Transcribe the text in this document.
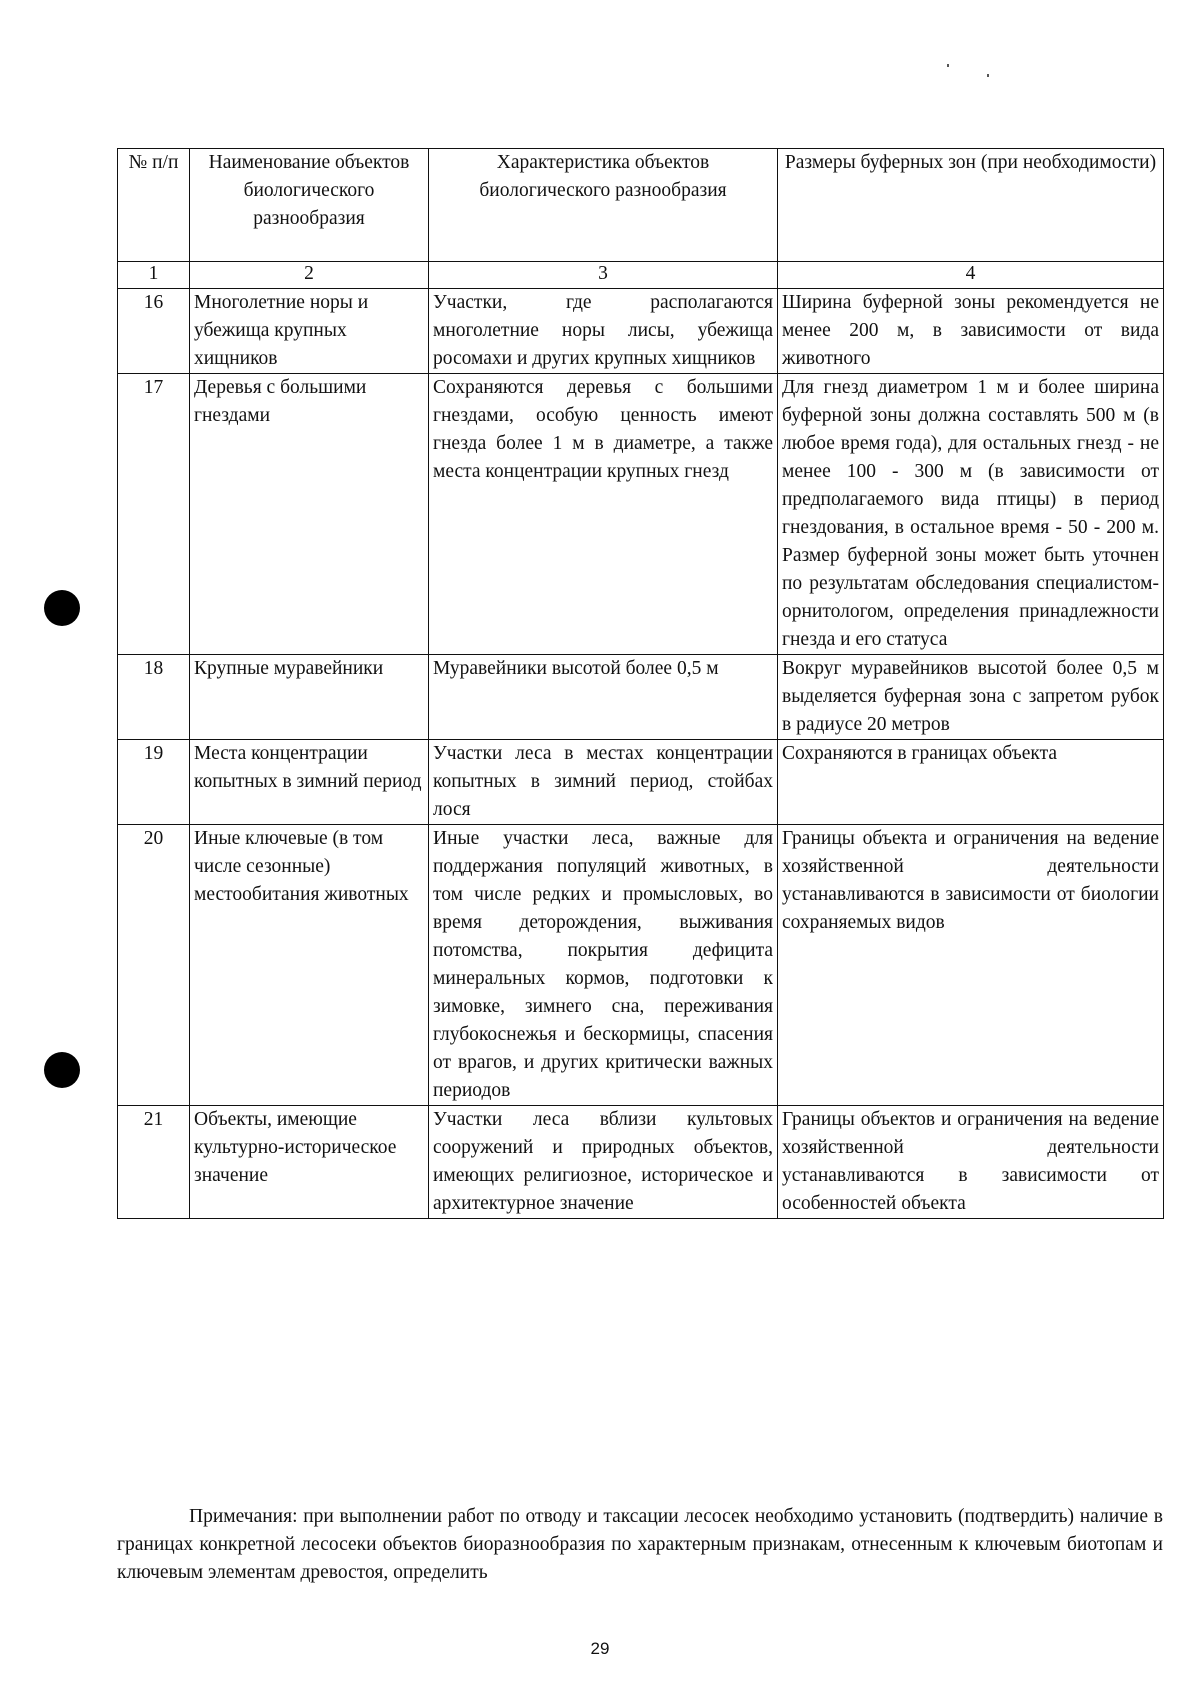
№ п/п	Наименование объектов биологического разнообразия	Характеристика объектов биологического разнообразия	Размеры буферных зон (при необходимости)
1	2	3	4
16	Многолетние норы и убежища крупных хищников	Участки, где располагаются многолетние норы лисы, убежища росомахи и других крупных хищников	Ширина буферной зоны рекомендуется не менее 200 м, в зависимости от вида животного
17	Деревья с большими гнездами	Сохраняются деревья с большими гнездами, особую ценность имеют гнезда более 1 м в диаметре, а также места концентрации крупных гнезд	Для гнезд диаметром 1 м и более ширина буферной зоны должна составлять 500 м (в любое время года), для остальных гнезд - не менее 100 - 300 м (в зависимости от предполагаемого вида птицы) в период гнездования, в остальное время - 50 - 200 м. Размер буферной зоны может быть уточнен по результатам обследования специалистом-орнитологом, определения принадлежности гнезда и его статуса
18	Крупные муравейники	Муравейники высотой более 0,5 м	Вокруг муравейников высотой более 0,5 м выделяется буферная зона с запретом рубок в радиусе 20 метров
19	Места концентрации копытных в зимний период	Участки леса в местах концентрации копытных в зимний период, стойбах лося	Сохраняются в границах объекта
20	Иные ключевые (в том числе сезонные) местообитания животных	Иные участки леса, важные для поддержания популяций животных, в том числе редких и промысловых, во время деторождения, выживания потомства, покрытия дефицита минеральных кормов, подготовки к зимовке, зимнего сна, переживания глубокоснежья и бескормицы, спасения от врагов, и других критически важных периодов	Границы объекта и ограничения на ведение хозяйственной деятельности устанавливаются в зависимости от биологии сохраняемых видов
21	Объекты, имеющие культурно-историческое значение	Участки леса вблизи культовых сооружений и природных объектов, имеющих религиозное, историческое и архитектурное значение	Границы объектов и ограничения на ведение хозяйственной деятельности устанавливаются в зависимости от особенностей объекта

Примечания: при выполнении работ по отводу и таксации лесосек необходимо установить (подтвердить) наличие в границах конкретной лесосеки объектов биоразнообразия по характерным признакам, отнесенным к ключевым биотопам и ключевым элементам древостоя, определить

29
